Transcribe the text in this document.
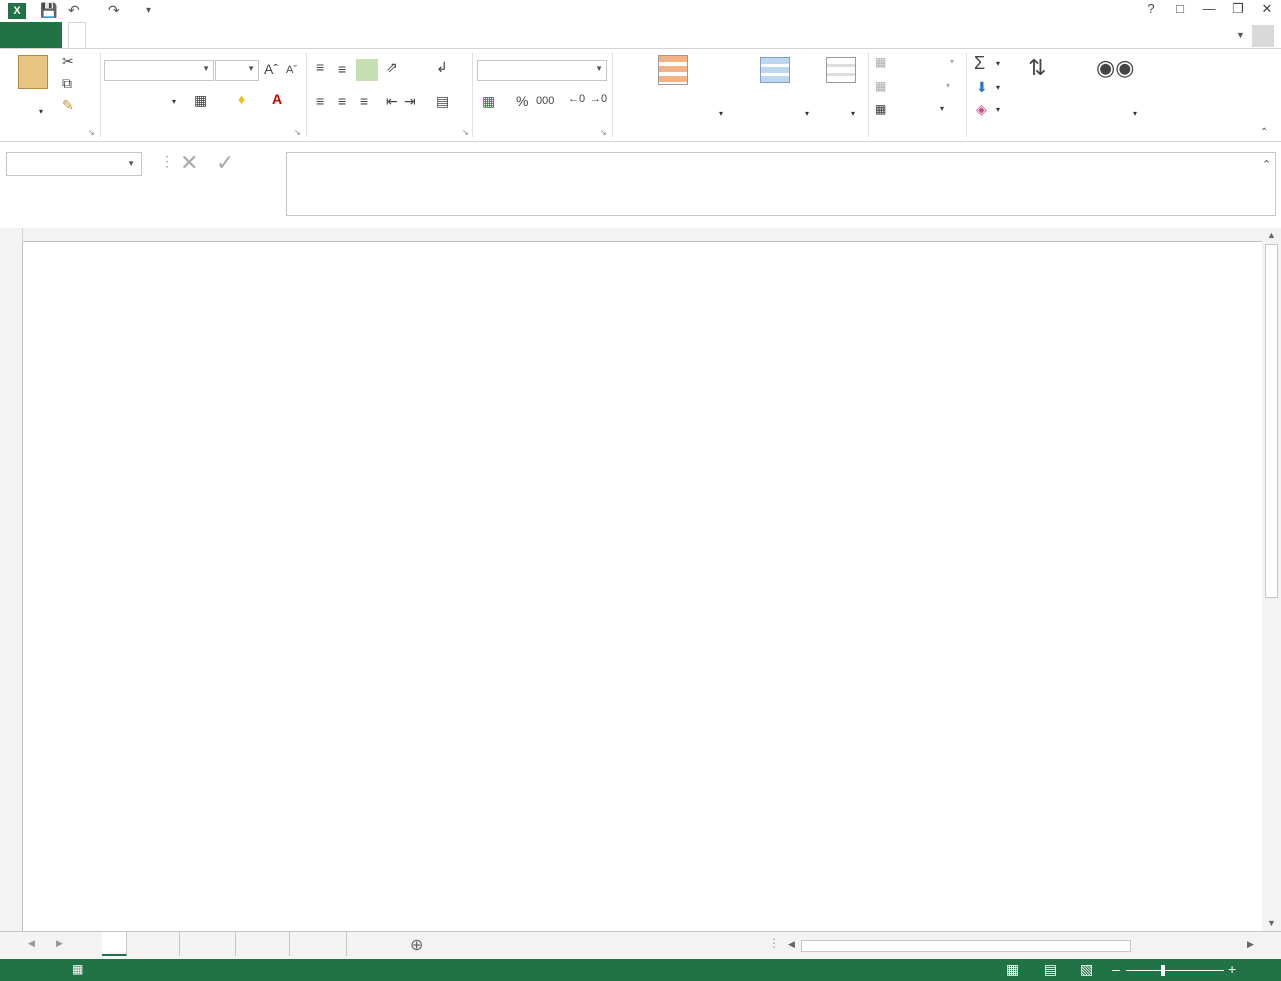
X	💾 ↶ ↷	▾	?	□	—	❐	✕
▼
▾
✂
⧉
✎
↘
▼	▼ Aˆ Aˇ
▾ ▦ ♦ A
↘
≡ ≡	⇗	↲
≡ ≡ ≡ ⇤ ⇥ ▤
↘
▼
▦ % 000 ←0 →0
↘
▾	▾	▾
▦	▾
▦	▾
▦	▾
Σ ▾
⬇ ▾
◈ ▾
⇅ ◉◉
▾
⌃
▼ ⋮ ✕ ✓	⌃
▲
▼
◀ ▶	⊕	⋮ ◀	▶
▦	▦ ▤ ▧ –	+
